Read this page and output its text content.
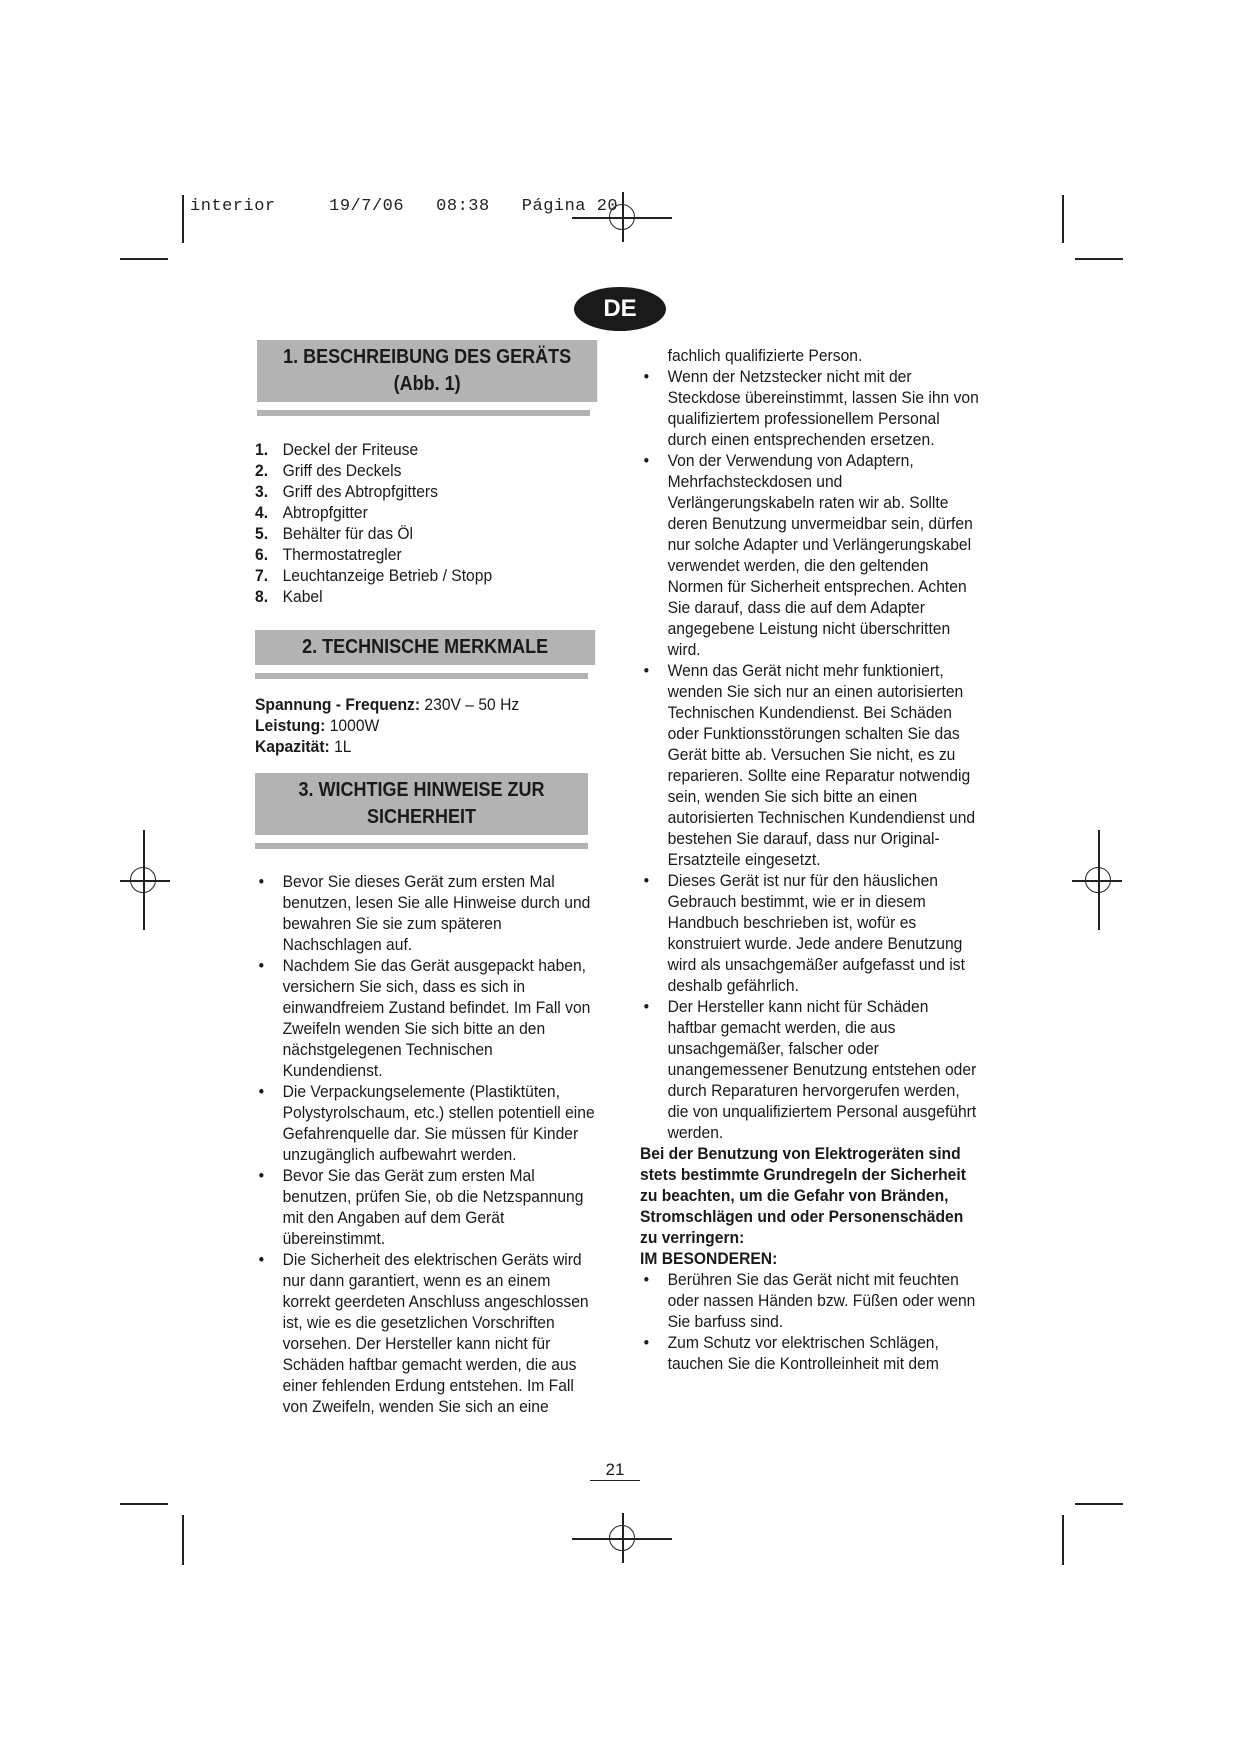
interior	19/7/06 08:38 Página 20
DE
1. BESCHREIBUNG DES GERÄTS (Abb. 1)
1. Deckel der Friteuse
2. Griff des Deckels
3. Griff des Abtropfgitters
4. Abtropfgitter
5. Behälter für das Öl
6. Thermostatregler
7. Leuchtanzeige Betrieb / Stopp
8. Kabel
2. TECHNISCHE MERKMALE
Spannung - Frequenz: 230V – 50 Hz
Leistung: 1000W
Kapazität: 1L
3. WICHTIGE HINWEISE ZUR SICHERHEIT
•	Bevor Sie dieses Gerät zum ersten Mal benutzen, lesen Sie alle Hinweise durch und bewahren Sie sie zum späteren Nachschlagen auf.
•	Nachdem Sie das Gerät ausgepackt haben, versichern Sie sich, dass es sich in einwandfreiem Zustand befindet. Im Fall von Zweifeln wenden Sie sich bitte an den nächstgelegenen Technischen Kundendienst.
•	Die Verpackungselemente (Plastiktüten, Polystyrolschaum, etc.) stellen potentiell eine Gefahrenquelle dar. Sie müssen für Kinder unzugänglich aufbewahrt werden.
•	Bevor Sie das Gerät zum ersten Mal benutzen, prüfen Sie, ob die Netzspannung mit den Angaben auf dem Gerät übereinstimmt.
•	Die Sicherheit des elektrischen Geräts wird nur dann garantiert, wenn es an einem korrekt geerdeten Anschluss angeschlossen ist, wie es die gesetzlichen Vorschriften vorsehen. Der Hersteller kann nicht für Schäden haftbar gemacht werden, die aus einer fehlenden Erdung entstehen. Im Fall von Zweifeln, wenden Sie sich an eine
fachlich qualifizierte Person.
•	Wenn der Netzstecker nicht mit der Steckdose übereinstimmt, lassen Sie ihn von qualifiziertem professionellem Personal durch einen entsprechenden ersetzen.
•	Von der Verwendung von Adaptern, Mehrfachsteckdosen und Verlängerungskabeln raten wir ab. Sollte deren Benutzung unvermeidbar sein, dürfen nur solche Adapter und Verlängerungskabel verwendet werden, die den geltenden Normen für Sicherheit entsprechen. Achten Sie darauf, dass die auf dem Adapter angegebene Leistung nicht überschritten wird.
•	Wenn das Gerät nicht mehr funktioniert, wenden Sie sich nur an einen autorisierten Technischen Kundendienst. Bei Schäden oder Funktionsstörungen schalten Sie das Gerät bitte ab. Versuchen Sie nicht, es zu reparieren. Sollte eine Reparatur notwendig sein, wenden Sie sich bitte an einen autorisierten Technischen Kundendienst und bestehen Sie darauf, dass nur Original-Ersatzteile eingesetzt.
•	Dieses Gerät ist nur für den häuslichen Gebrauch bestimmt, wie er in diesem Handbuch beschrieben ist, wofür es konstruiert wurde. Jede andere Benutzung wird als unsachgemäßer aufgefasst und ist deshalb gefährlich.
•	Der Hersteller kann nicht für Schäden haftbar gemacht werden, die aus unsachgemäßer, falscher oder unangemessener Benutzung entstehen oder durch Reparaturen hervorgerufen werden, die von unqualifiziertem Personal ausgeführt werden.
Bei der Benutzung von Elektrogeräten sind stets bestimmte Grundregeln der Sicherheit zu beachten, um die Gefahr von Bränden, Stromschlägen und oder Personenschäden zu verringern:
IM BESONDEREN:
•	Berühren Sie das Gerät nicht mit feuchten oder nassen Händen bzw. Füßen oder wenn Sie barfuss sind.
•	Zum Schutz vor elektrischen Schlägen, tauchen Sie die Kontrolleinheit mit dem
21
